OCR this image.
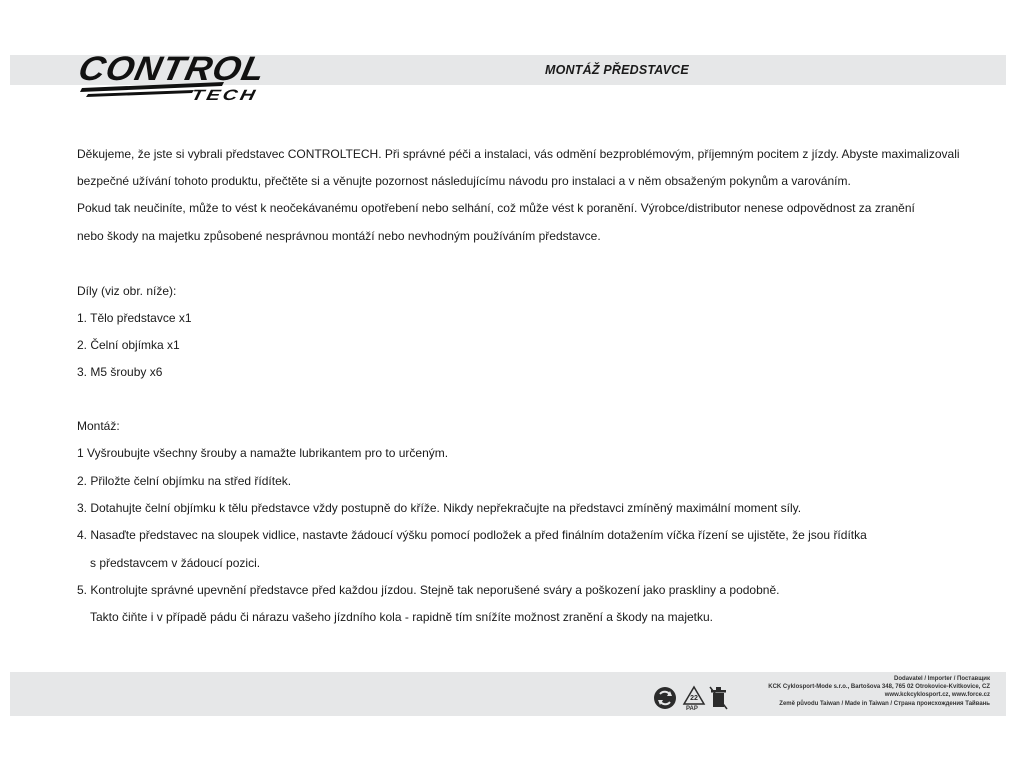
CONTROL
TECH
MONTÁŽ PŘEDSTAVCE
Děkujeme, že jste si vybrali představec CONTROLTECH. Při správné péči a instalaci, vás odmění bezproblémovým, příjemným pocitem z jízdy. Abyste maximalizovali
bezpečné užívání tohoto produktu, přečtěte si a věnujte pozornost následujícímu návodu pro instalaci a v něm obsaženým pokynům a varováním.
Pokud tak neučiníte, může to vést k neočekávanému opotřebení nebo selhání, což může vést k poranění. Výrobce/distributor nenese odpovědnost za zranění
nebo škody na majetku způsobené nesprávnou montáží nebo nevhodným používáním představce.
Díly (viz obr. níže):
1. Tělo představce x1
2. Čelní objímka x1
3. M5 šrouby x6
Montáž:
1 Vyšroubujte všechny šrouby a namažte lubrikantem pro to určeným.
2. Přiložte čelní objímku na střed řídítek.
3. Dotahujte čelní objímku k tělu představce vždy postupně do kříže. Nikdy nepřekračujte na představci zmíněný maximální moment síly.
4. Nasaďte představec na sloupek vidlice, nastavte žádoucí výšku pomocí podložek a před finálním dotažením víčka řízení se ujistěte, že jsou řídítka
s představcem v žádoucí pozici.
5. Kontrolujte správné upevnění představce před každou jízdou. Stejně tak neporušené sváry a poškození jako praskliny a podobně.
Takto čiňte i v případě pádu či nárazu vašeho jízdního kola - rapidně tím snížíte možnost zranění a škody na majetku.
22
PAP
Dodavatel / Importer / Поставщик
KCK Cyklosport-Mode s.r.o., Bartošova 348, 765 02 Otrokovice-Kvítkovice, CZ
www.kckcyklosport.cz, www.force.cz
Země původu Taiwan / Made in Taiwan / Страна происхождения Тайвань
